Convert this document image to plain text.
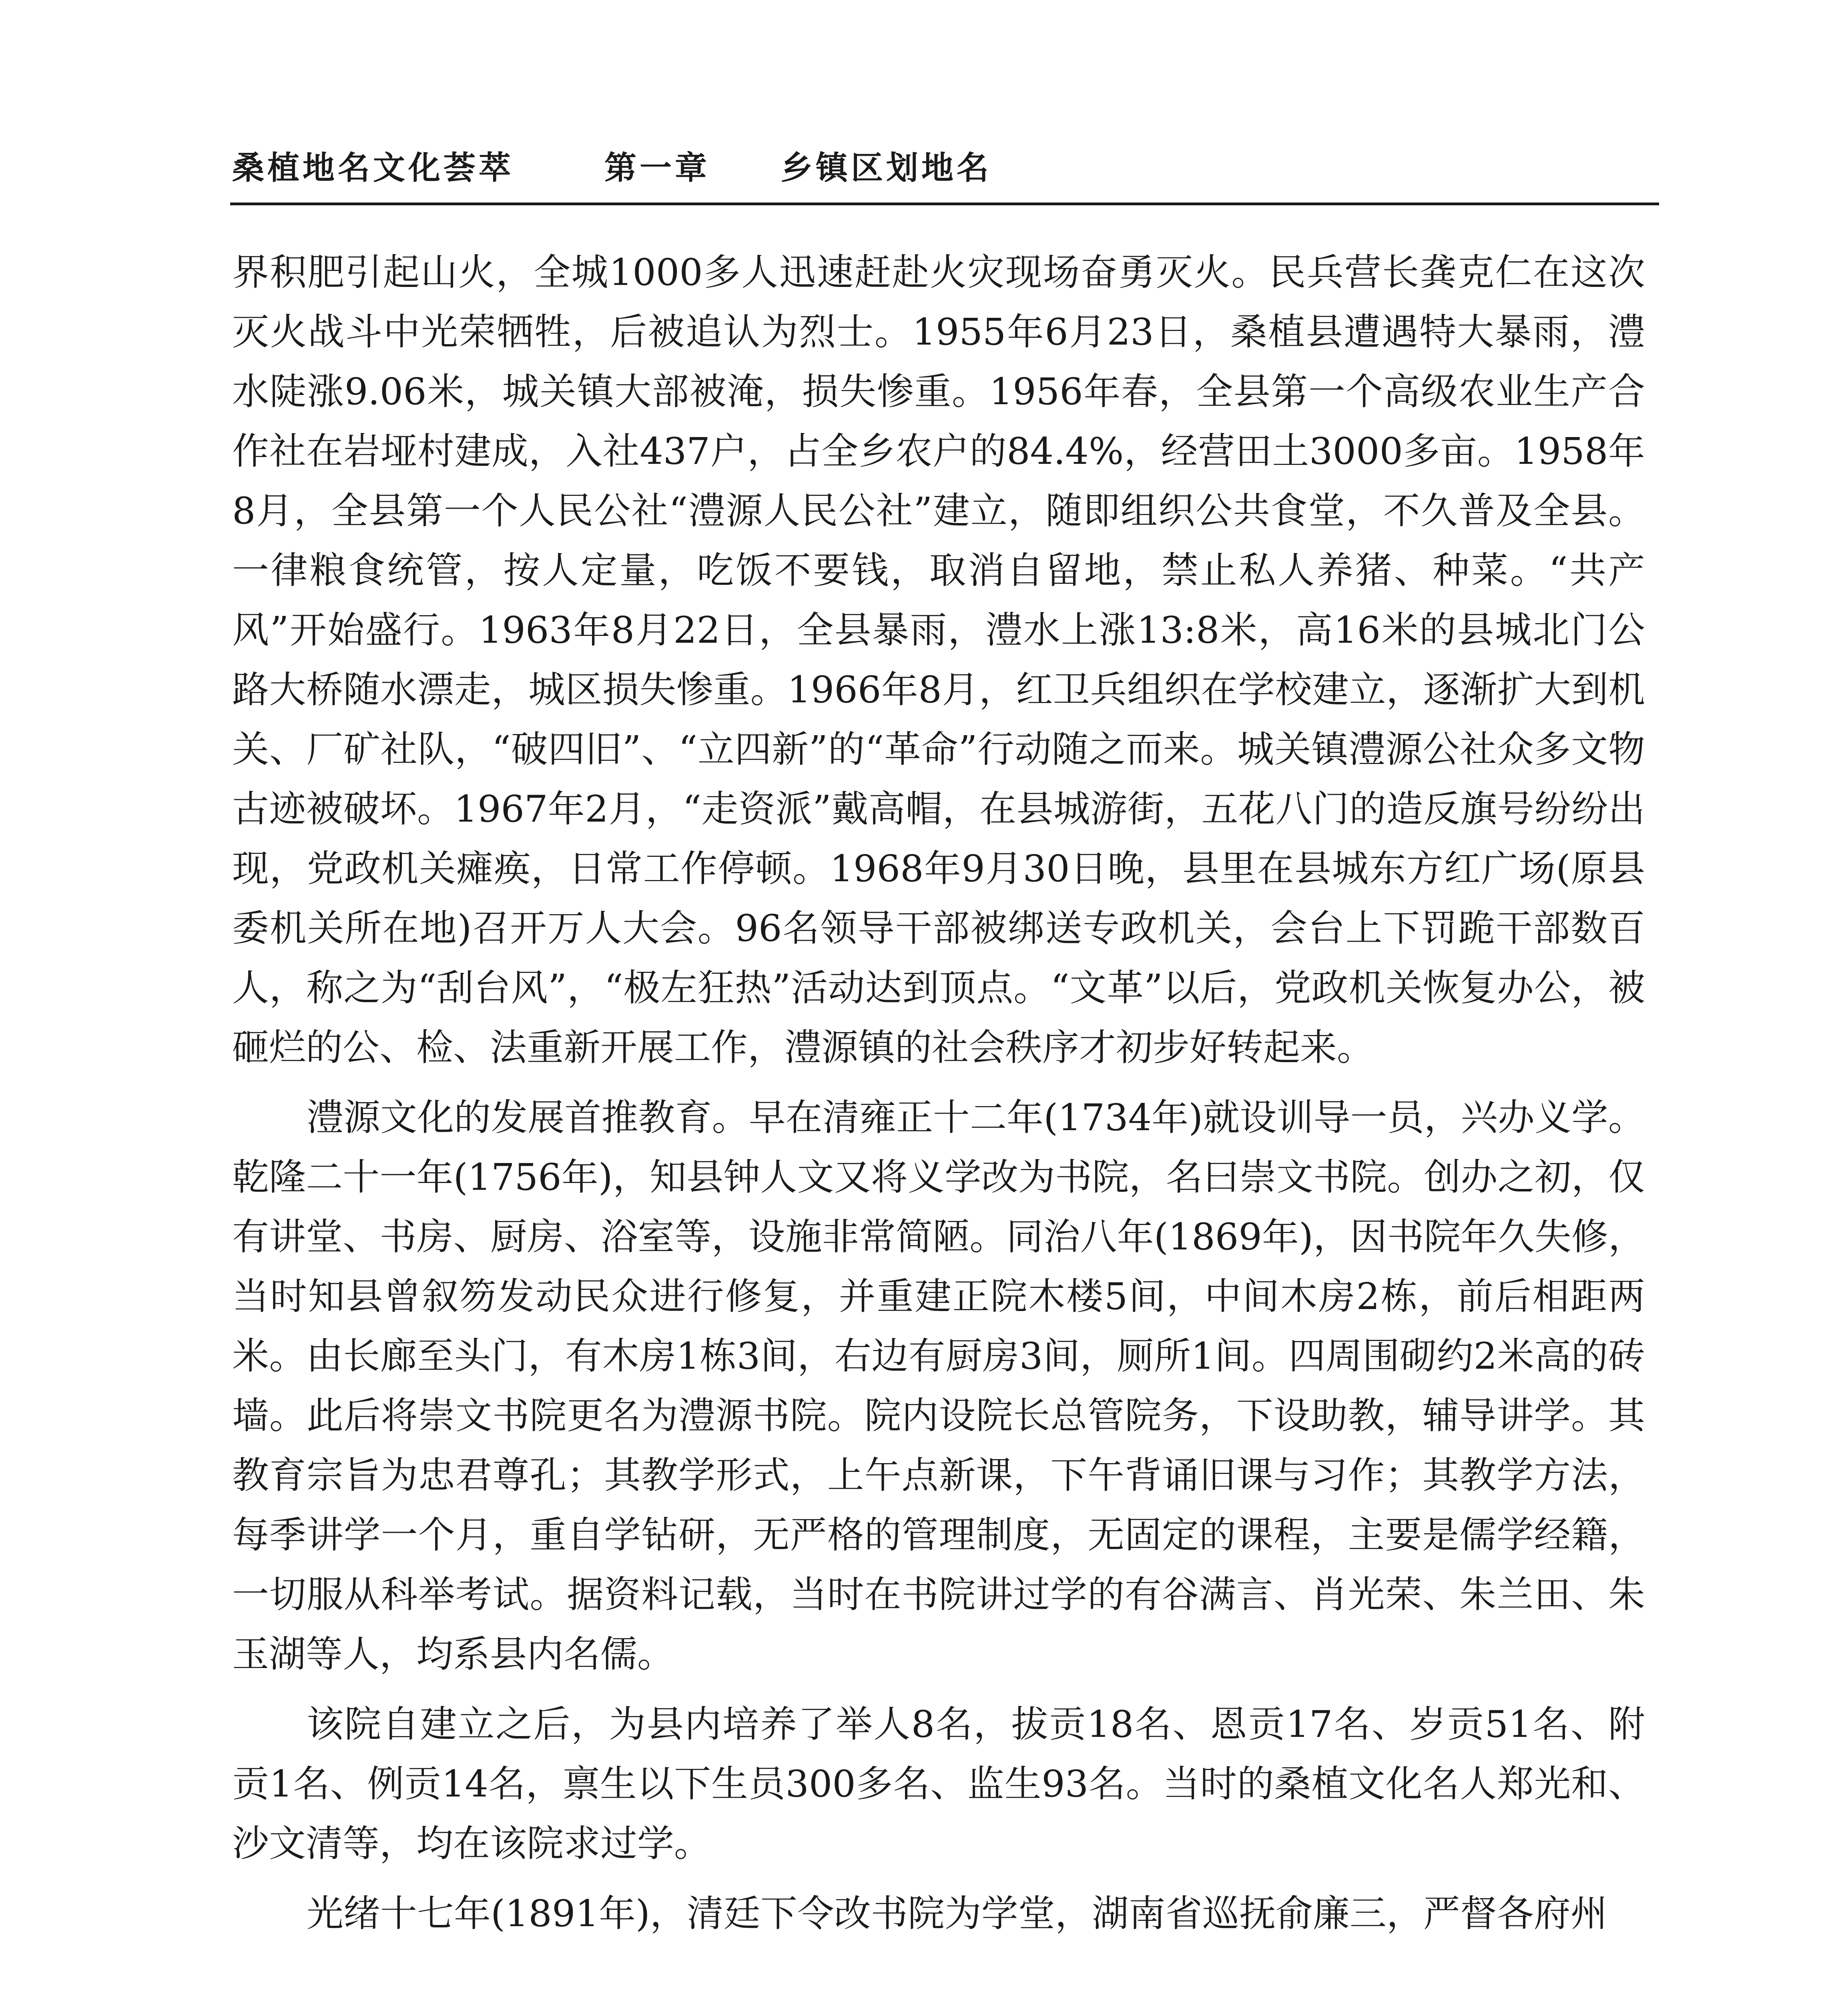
桑植地名文化荟萃	第一章 乡镇区划地名

界积肥引起山火，全城1000多人迅速赶赴火灾现场奋勇灭火。民兵营长龚克仁在这次灭火战斗中光荣牺牲，后被追认为烈士。1955年6月23日，桑植县遭遇特大暴雨，澧水陡涨9.06米，城关镇大部被淹，损失惨重。1956年春，全县第一个高级农业生产合作社在岩垭村建成，入社437户，占全乡农户的84.4%，经营田土3000多亩。1958年8月，全县第一个人民公社“澧源人民公社”建立，随即组织公共食堂，不久普及全县。一律粮食统管，按人定量，吃饭不要钱，取消自留地，禁止私人养猪、种菜。“共产风”开始盛行。1963年8月22日，全县暴雨，澧水上涨13:8米，高16米的县城北门公路大桥随水漂走，城区损失惨重。1966年8月，红卫兵组织在学校建立，逐渐扩大到机关、厂矿社队，“破四旧”、“立四新”的“革命”行动随之而来。城关镇澧源公社众多文物古迹被破坏。1967年2月，“走资派”戴高帽，在县城游街，五花八门的造反旗号纷纷出现，党政机关瘫痪，日常工作停顿。1968年9月30日晚，县里在县城东方红广场(原县委机关所在地)召开万人大会。96名领导干部被绑送专政机关，会台上下罚跪干部数百人，称之为“刮台风”，“极左狂热”活动达到顶点。“文革”以后，党政机关恢复办公，被砸烂的公、检、法重新开展工作，澧源镇的社会秩序才初步好转起来。

澧源文化的发展首推教育。早在清雍正十二年(1734年)就设训导一员，兴办义学。乾隆二十一年(1756年)，知县钟人文又将义学改为书院，名曰崇文书院。创办之初，仅有讲堂、书房、厨房、浴室等，设施非常简陋。同治八年(1869年)，因书院年久失修，当时知县曾叙笏发动民众进行修复，并重建正院木楼5间，中间木房2栋，前后相距两米。由长廊至头门，有木房1栋3间，右边有厨房3间，厕所1间。四周围砌约2米高的砖墙。此后将崇文书院更名为澧源书院。院内设院长总管院务，下设助教，辅导讲学。其教育宗旨为忠君尊孔；其教学形式，上午点新课，下午背诵旧课与习作；其教学方法，每季讲学一个月，重自学钻研，无严格的管理制度，无固定的课程，主要是儒学经籍，一切服从科举考试。据资料记载，当时在书院讲过学的有谷满言、肖光荣、朱兰田、朱玉湖等人，均系县内名儒。

该院自建立之后，为县内培养了举人8名，拔贡18名、恩贡17名、岁贡51名、附贡1名、例贡14名，禀生以下生员300多名、监生93名。当时的桑植文化名人郑光和、沙文清等，均在该院求过学。

光绪十七年(1891年)，清廷下令改书院为学堂，湖南省巡抚俞廉三，严督各府州
